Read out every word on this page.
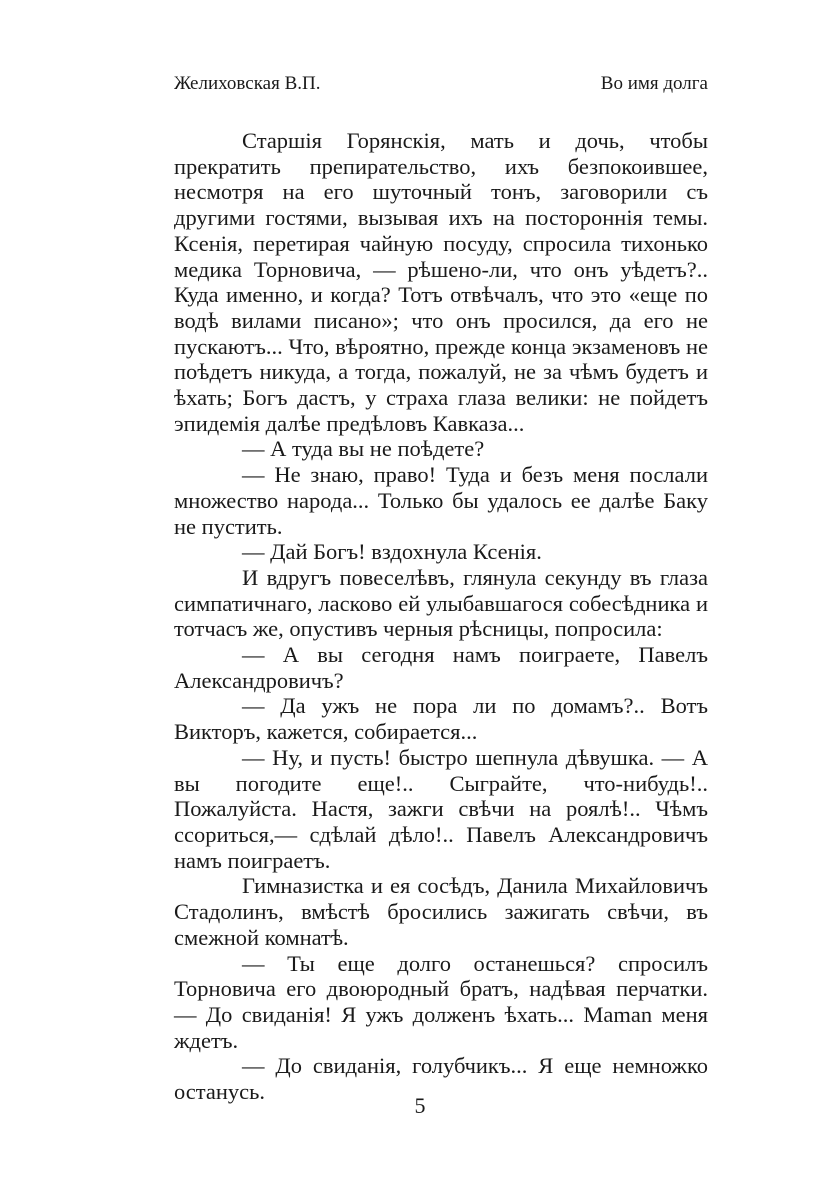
Желиховская В.П.	Во имя долга

Старшія Горянскія, мать и дочь, чтобы прекратить препирательство, ихъ безпокоившее, несмотря на его шуточный тонъ, заговорили съ другими гостями, вызывая ихъ на постороннія темы. Ксенія, перетирая чайную посуду, спросила тихонько медика Торновича, — рѣшено-ли, что онъ уѣдетъ?.. Куда именно, и когда? Тотъ отвѣчалъ, что это «еще по водѣ вилами писано»; что онъ просился, да его не пускаютъ... Что, вѣроятно, прежде конца экзаменовъ не поѣдетъ никуда, а тогда, пожалуй, не за чѣмъ будетъ и ѣхать; Богъ дастъ, у страха глаза велики: не пойдетъ эпидемія далѣе предѣловъ Кавказа...

— А туда вы не поѣдете?

— Не знаю, право! Туда и безъ меня послали множество народа... Только бы удалось ее далѣе Баку не пустить.

— Дай Богъ! вздохнула Ксенія.

И вдругъ повеселѣвъ, глянула секунду въ глаза симпатичнаго, ласково ей улыбавшагося собесѣдника и тотчасъ же, опустивъ черныя рѣсницы, попросила:

— А вы сегодня намъ поиграете, Павелъ Александровичъ?

— Да ужъ не пора ли по домамъ?.. Вотъ Викторъ, кажется, собирается...

— Ну, и пусть! быстро шепнула дѣвушка. — А вы погодите еще!.. Сыграйте, что-нибудь!.. Пожалуйста. Настя, зажги свѣчи на роялѣ!.. Чѣмъ ссориться,— сдѣлай дѣло!.. Павелъ Александровичъ намъ поиграетъ.

Гимназистка и ея сосѣдъ, Данила Михайловичъ Стадолинъ, вмѣстѣ бросились зажигать свѣчи, въ смежной комнатѣ.

— Ты еще долго останешься? спросилъ Торновича его двоюродный братъ, надѣвая перчатки. — До свиданія! Я ужъ долженъ ѣхать... Maman меня ждетъ.

— До свиданія, голубчикъ... Я еще немножко останусь.

5
